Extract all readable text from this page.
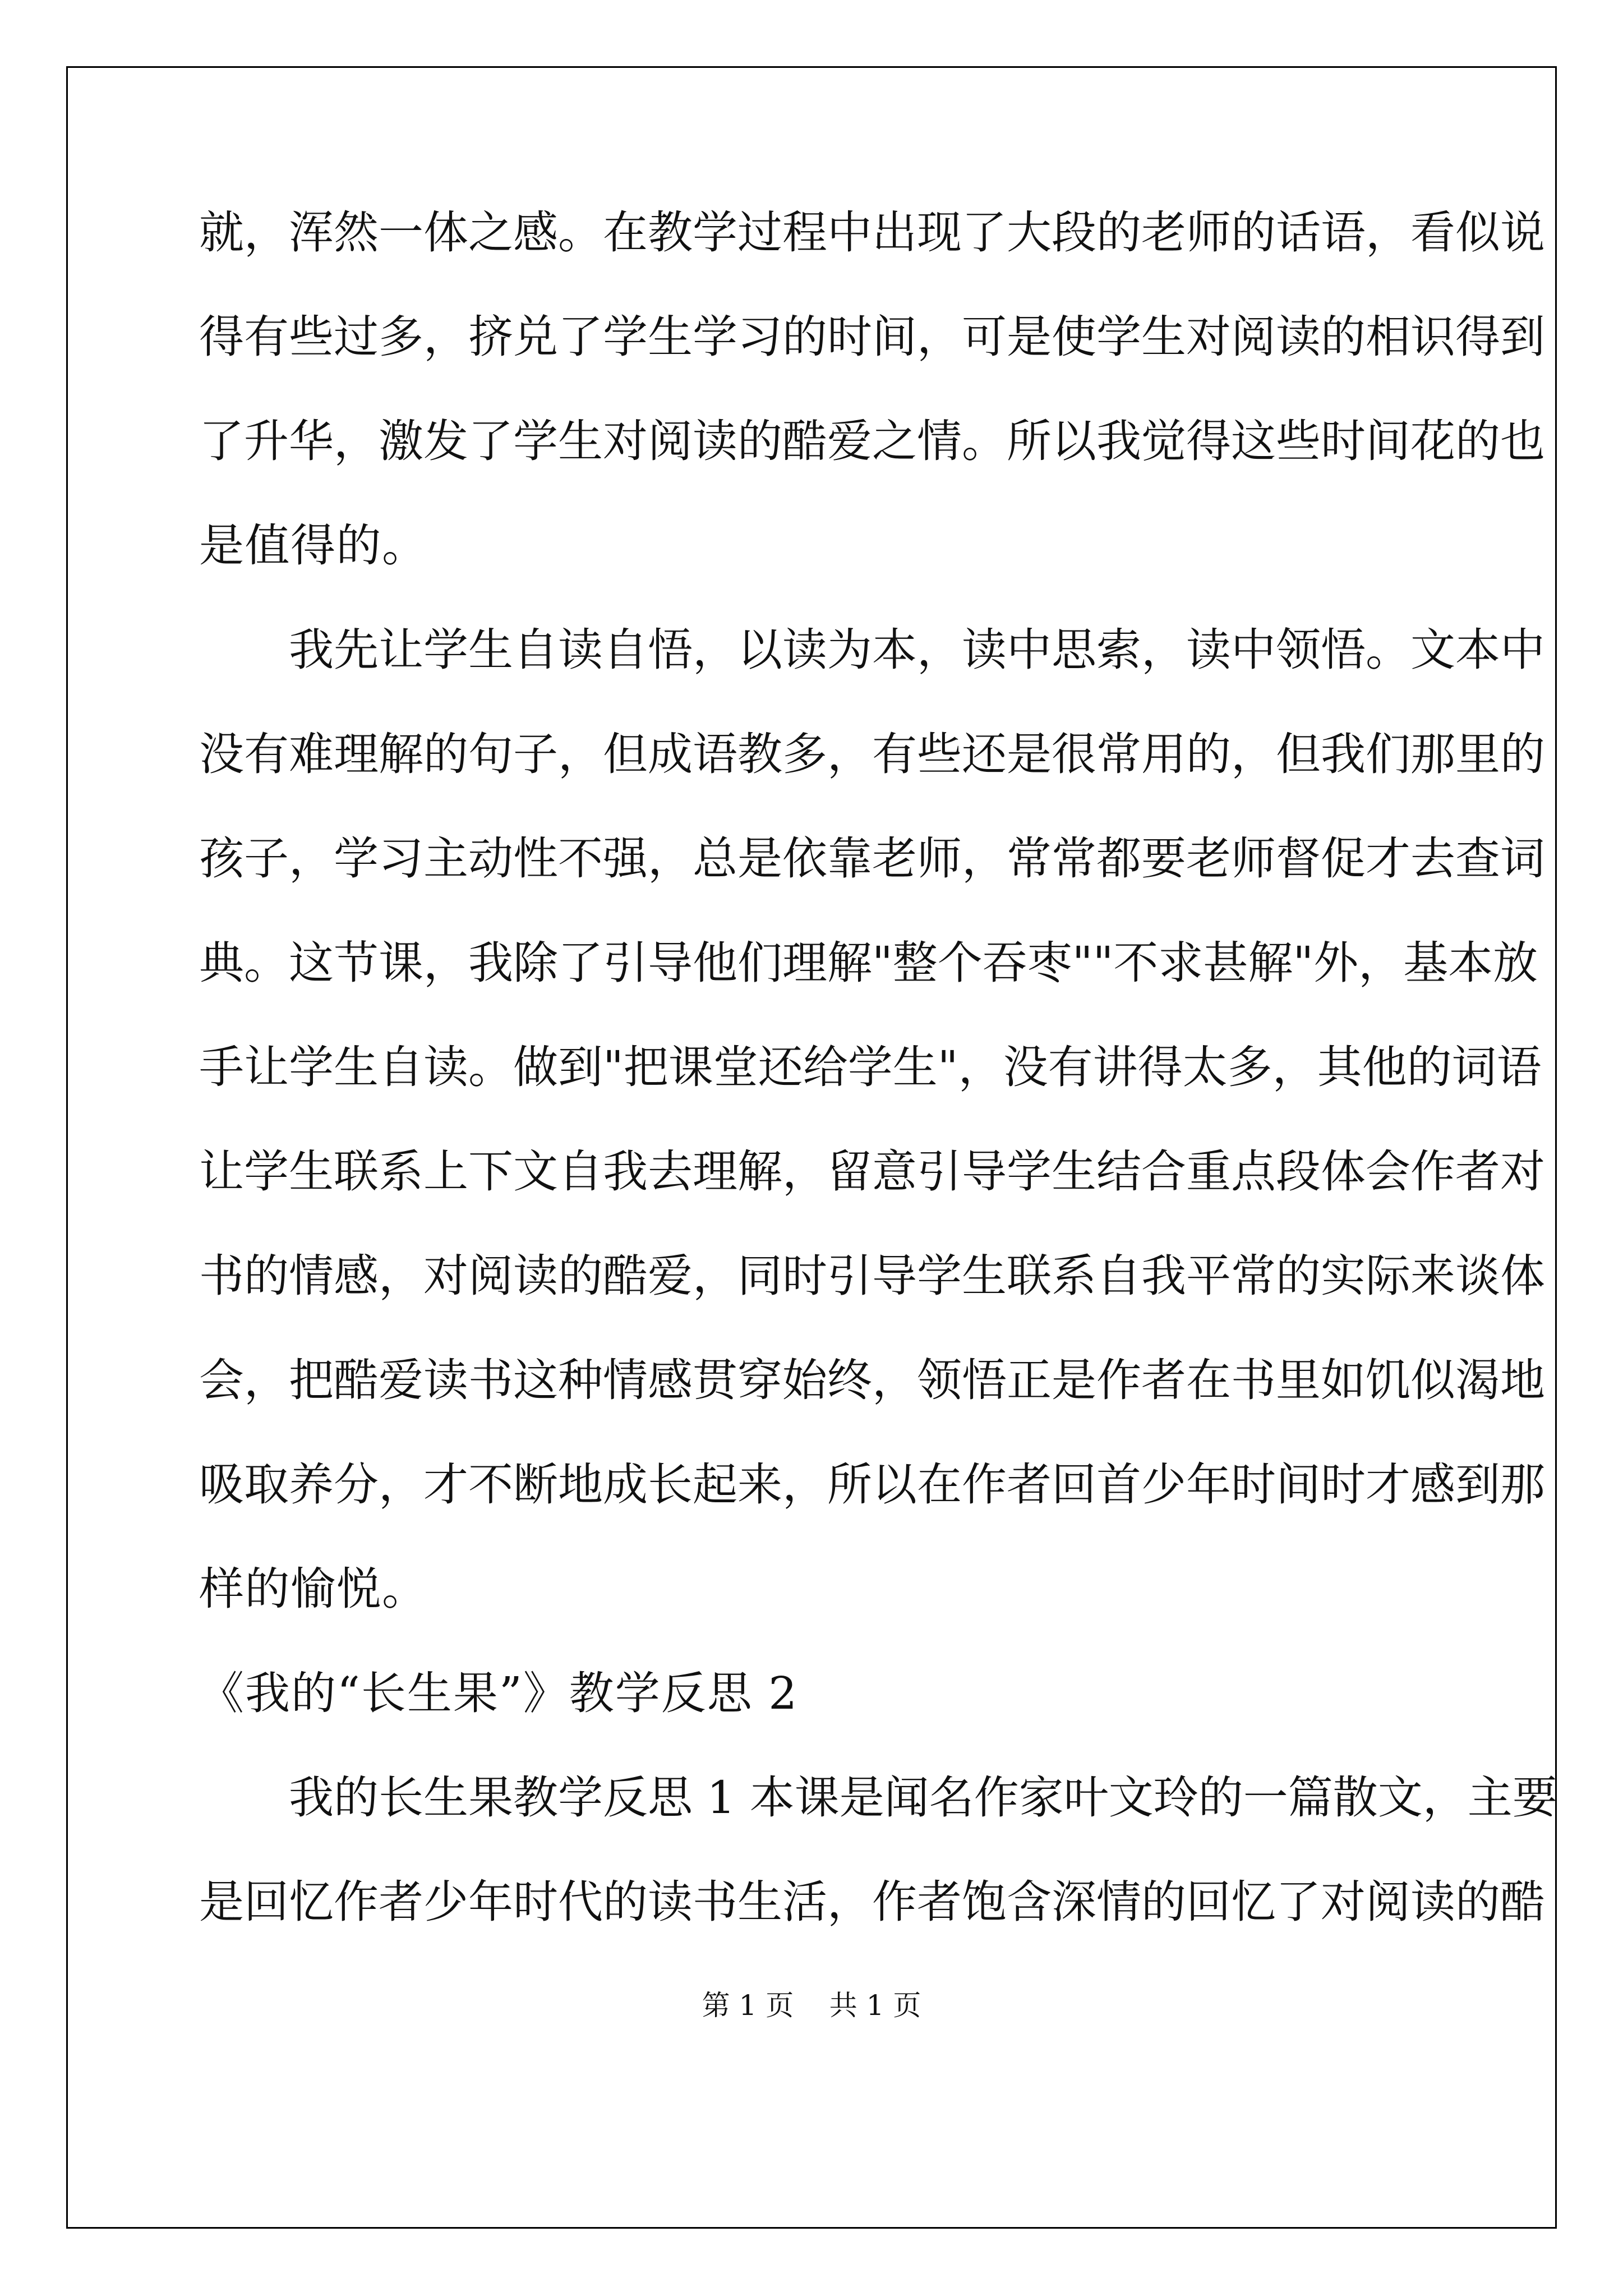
就，浑然一体之感。在教学过程中出现了大段的老师的话语，看似说
得有些过多，挤兑了学生学习的时间，可是使学生对阅读的相识得到
了升华，激发了学生对阅读的酷爱之情。所以我觉得这些时间花的也
是值得的。
我先让学生自读自悟，以读为本，读中思索，读中领悟。文本中
没有难理解的句子，但成语教多，有些还是很常用的，但我们那里的
孩子，学习主动性不强，总是依靠老师，常常都要老师督促才去查词
典。这节课，我除了引导他们理解"整个吞枣""不求甚解"外，基本放
手让学生自读。做到"把课堂还给学生"，没有讲得太多，其他的词语
让学生联系上下文自我去理解，留意引导学生结合重点段体会作者对
书的情感，对阅读的酷爱，同时引导学生联系自我平常的实际来谈体
会，把酷爱读书这种情感贯穿始终，领悟正是作者在书里如饥似渴地
吸取养分，才不断地成长起来，所以在作者回首少年时间时才感到那
样的愉悦。
《我的“长生果”》教学反思 2
我的长生果教学反思 1 本课是闻名作家叶文玲的一篇散文，主要
是回忆作者少年时代的读书生活，作者饱含深情的回忆了对阅读的酷
第 1 页    共 1 页
